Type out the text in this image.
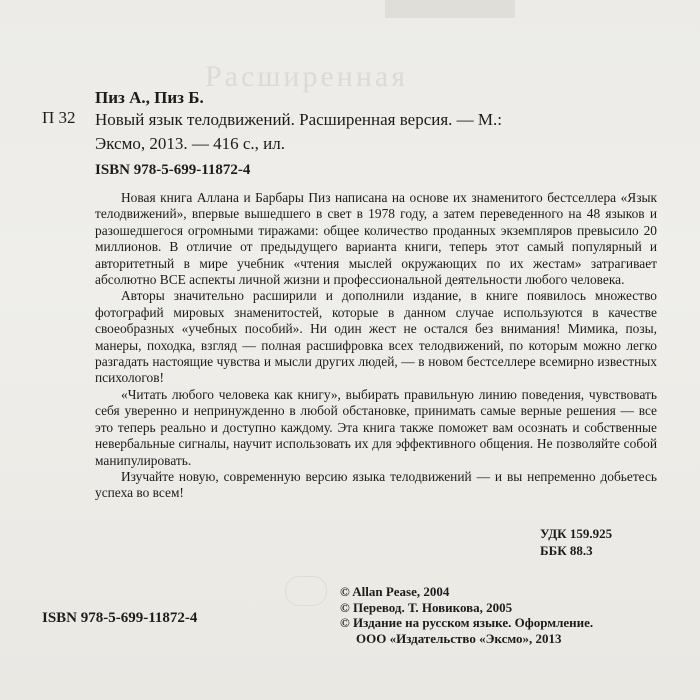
Расширенная
Пиз А., Пиз Б.
П 32 Новый язык телодвижений. Расширенная версия. — М.:
Эксмо, 2013. — 416 с., ил.
ISBN 978-5-699-11872-4

Новая книга Аллана и Барбары Пиз написана на основе их знаменитого бестселлера «Язык телодвижений», впервые вышедшего в свет в 1978 году, а затем переведенного на 48 языков и разошедшегося огромными тиражами: общее количество проданных экземпляров превысило 20 миллионов. В отличие от предыдущего варианта книги, теперь этот самый популярный и авторитетный в мире учебник «чтения мыслей окружающих по их жестам» затрагивает абсолютно ВСЕ аспекты личной жизни и профессиональной деятельности любого человека.

Авторы значительно расширили и дополнили издание, в книге появилось множество фотографий мировых знаменитостей, которые в данном случае используются в качестве своеобразных «учебных пособий». Ни один жест не остался без внимания! Мимика, позы, манеры, походка, взгляд — полная расшифровка всех телодвижений, по которым можно легко разгадать настоящие чувства и мысли других людей, — в новом бестселлере всемирно известных психологов!

«Читать любого человека как книгу», выбирать правильную линию поведения, чувствовать себя уверенно и непринужденно в любой обстановке, принимать самые верные решения — все это теперь реально и доступно каждому. Эта книга также поможет вам осознать и собственные невербальные сигналы, научит использовать их для эффективного общения. Не позволяйте собой манипулировать.

Изучайте новую, современную версию языка телодвижений — и вы непременно добьетесь успеха во всем!

УДК 159.925
ББК 88.3
ISBN 978-5-699-11872-4
© Allan Pease, 2004
© Перевод. Т. Новикова, 2005
© Издание на русском языке. Оформление.
ООО «Издательство «Эксмо», 2013
